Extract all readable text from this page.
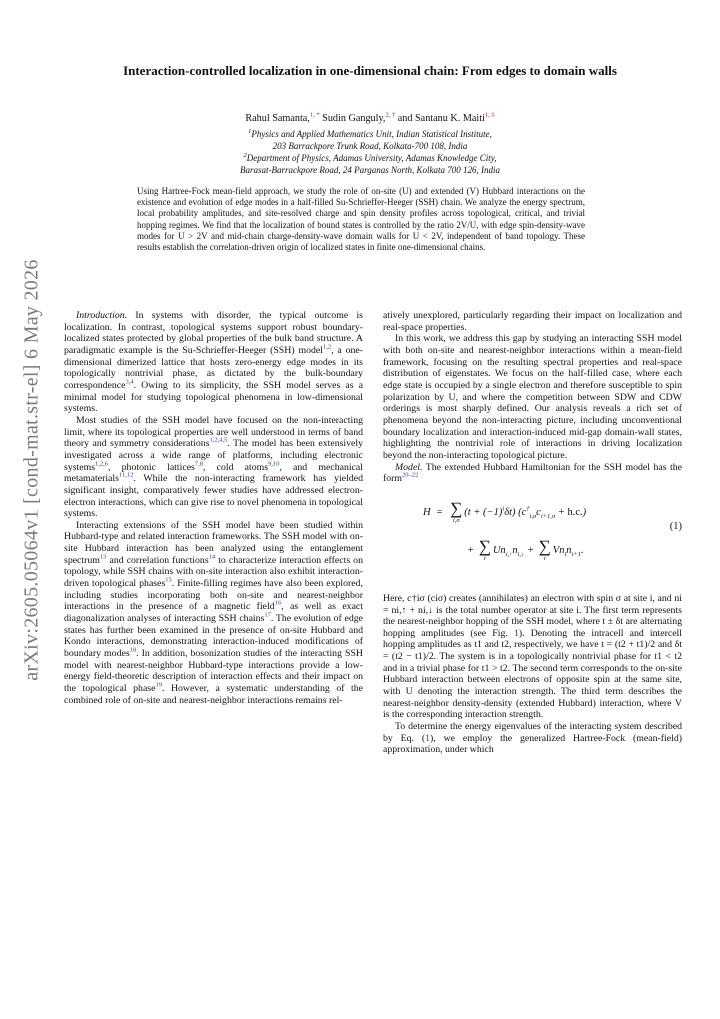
arXiv:2605.05064v1 [cond-mat.str-el] 6 May 2026
Interaction-controlled localization in one-dimensional chain: From edges to domain walls
Rahul Samanta,$^{1, *}$ Sudin Ganguly,$^{2, \dagger}$ and Santanu K. Maiti$^{1, \ddagger}$
$^1$Physics and Applied Mathematics Unit, Indian Statistical Institute,
203 Barrackpore Trunk Road, Kolkata-700 108, India
$^2$Department of Physics, Adamas University, Adamas Knowledge City,
Barasat-Barrackpore Road, 24 Parganas North, Kolkata 700 126, India
Using Hartree-Fock mean-field approach, we study the role of on-site (U) and extended (V) Hubbard interactions on the existence and evolution of edge modes in a half-filled Su-Schrieffer-Heeger (SSH) chain. We analyze the energy spectrum, local probability amplitudes, and site-resolved charge and spin density profiles across topological, critical, and trivial hopping regimes. We find that the localization of bound states is controlled by the ratio 2V/U, with edge spin-density-wave modes for U > 2V and mid-chain charge-density-wave domain walls for U < 2V, independent of band topology. These results establish the correlation-driven origin of localized states in finite one-dimensional chains.

Introduction. In systems with disorder, the typical outcome is localization. In contrast, topological systems support robust boundary-localized states protected by global properties of the bulk band structure. A paradigmatic example is the Su-Schrieffer-Heeger (SSH) model$^{1,2}$, a one-dimensional dimerized lattice that hosts zero-energy edge modes in its topologically nontrivial phase, as dictated by the bulk-boundary correspondence$^{3,4}$. Owing to its simplicity, the SSH model serves as a minimal model for studying topological phenomena in low-dimensional systems.

Most studies of the SSH model have focused on the non-interacting limit, where its topological properties are well understood in terms of band theory and symmetry considerations$^{1,2,4,5}$. The model has been extensively investigated across a wide range of platforms, including electronic systems$^{1,2,6}$, photonic lattices$^{7,8}$, cold atoms$^{9,10}$, and mechanical metamaterials$^{11,12}$. While the non-interacting framework has yielded significant insight, comparatively fewer studies have addressed electron-electron interactions, which can give rise to novel phenomena in topological systems.

Interacting extensions of the SSH model have been studied within Hubbard-type and related interaction frameworks. The SSH model with on-site Hubbard interaction has been analyzed using the entanglement spectrum$^{13}$ and correlation functions$^{14}$ to characterize interaction effects on topology, while SSH chains with on-site interaction also exhibit interaction-driven topological phases$^{15}$. Finite-filling regimes have also been explored, including studies incorporating both on-site and nearest-neighbor interactions in the presence of a magnetic field$^{16}$, as well as exact diagonalization analyses of interacting SSH chains$^{17}$. The evolution of edge states has further been examined in the presence of on-site Hubbard and Kondo interactions, demonstrating interaction-induced modifications of boundary modes$^{18}$. In addition, bosonization studies of the interacting SSH model with nearest-neighbor Hubbard-type interactions provide a low-energy field-theoretic description of interaction effects and their impact on the topological phase$^{19}$. However, a systematic understanding of the combined role of on-site and nearest-neighbor interactions remains rel-

atively unexplored, particularly regarding their impact on localization and real-space properties.

In this work, we address this gap by studying an interacting SSH model with both on-site and nearest-neighbor interactions within a mean-field framework, focusing on the resulting spectral properties and real-space distribution of eigenstates. We focus on the half-filled case, where each edge state is occupied by a single electron and therefore susceptible to spin polarization by U, and where the competition between SDW and CDW orderings is most sharply defined. Our analysis reveals a rich set of phenomena beyond the non-interacting picture, including unconventional boundary localization and interaction-induced mid-gap domain-wall states, highlighting the nontrivial role of interactions in driving localization beyond the non-interacting topological picture.

Model. The extended Hubbard Hamiltonian for the SSH model has the form$^{20-22}$

H  = ∑
i,σ
$(t + (-1)^i\delta t)$ $(c^\dagger_{i,\sigma}c_{i+1,\sigma} + h.c.)$
+ ∑
i
$Un_{i,↑}n_{i,↓}$ + ∑
i
$Vn_in_{i+1}$.
(1)

Here, c†iσ (ciσ) creates (annihilates) an electron with spin σ at site i, and ni = ni,↑ + ni,↓ is the total number operator at site i. The first term represents the nearest-neighbor hopping of the SSH model, where t ± δt are alternating hopping amplitudes (see Fig. 1). Denoting the intracell and intercell hopping amplitudes as t1 and t2, respectively, we have t = (t2 + t1)/2 and δt = (t2 − t1)/2. The system is in a topologically nontrivial phase for t1 < t2 and in a trivial phase for t1 > t2. The second term corresponds to the on-site Hubbard interaction between electrons of opposite spin at the same site, with U denoting the interaction strength. The third term describes the nearest-neighbor density-density (extended Hubbard) interaction, where V is the corresponding interaction strength.

To determine the energy eigenvalues of the interacting system described by Eq. (1), we employ the generalized Hartree-Fock (mean-field) approximation, under which
